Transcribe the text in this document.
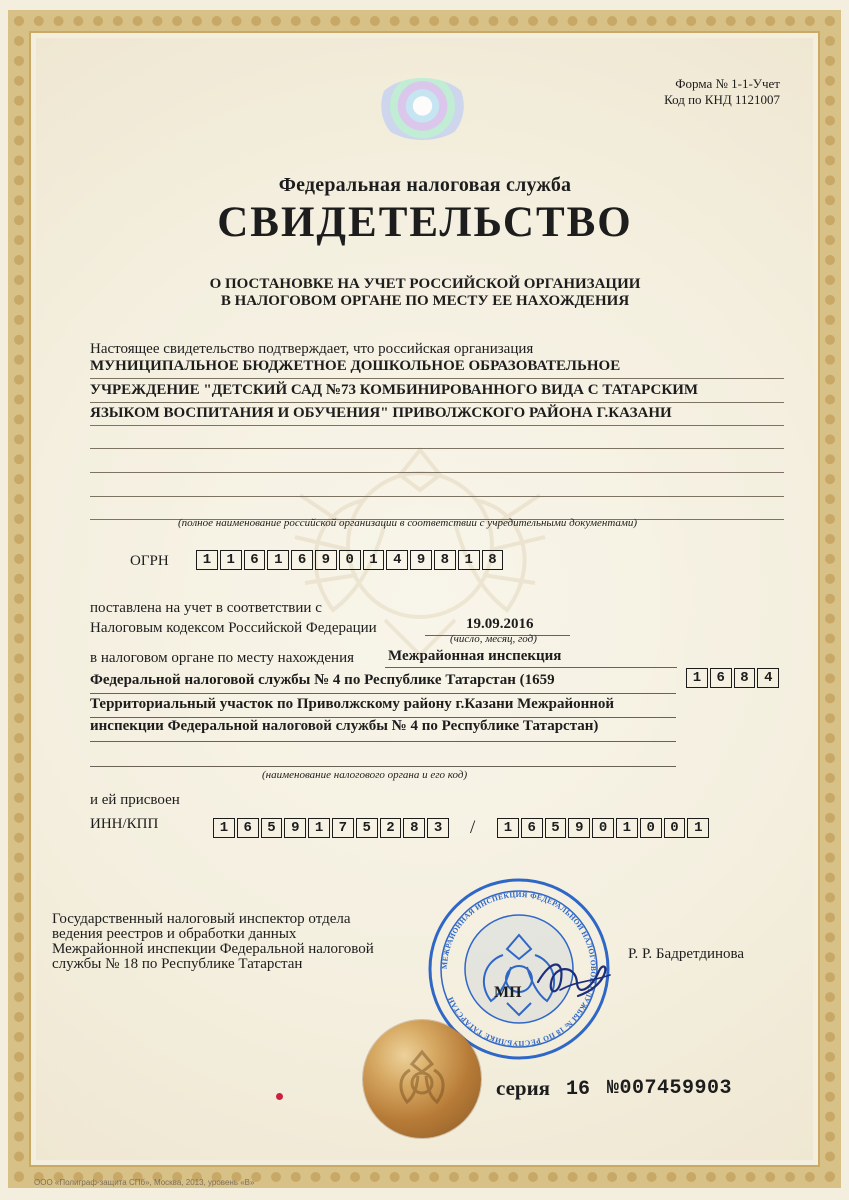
Форма № 1-1-Учет
Код по КНД 1121007
Федеральная налоговая служба
СВИДЕТЕЛЬСТВО
О ПОСТАНОВКЕ НА УЧЕТ РОССИЙСКОЙ ОРГАНИЗАЦИИ
В НАЛОГОВОМ ОРГАНЕ ПО МЕСТУ ЕЕ НАХОЖДЕНИЯ
Настоящее свидетельство подтверждает, что российская организация
МУНИЦИПАЛЬНОЕ БЮДЖЕТНОЕ ДОШКОЛЬНОЕ ОБРАЗОВАТЕЛЬНОЕ
УЧРЕЖДЕНИЕ "ДЕТСКИЙ САД №73 КОМБИНИРОВАННОГО ВИДА С ТАТАРСКИМ
ЯЗЫКОМ ВОСПИТАНИЯ И ОБУЧЕНИЯ" ПРИВОЛЖСКОГО РАЙОНА Г.КАЗАНИ
(полное наименование российской организации в соответствии с учредительными документами)
ОГРН	1	1	6	1	6	9	0	1	4	9	8	1	8
поставлена на учет в соответствии с
Налоговым кодексом Российской Федерации	19.09.2016
(число, месяц, год)
в налоговом органе по месту нахождения Межрайонная инспекция
Федеральной налоговой службы № 4 по Республике Татарстан (1659
Территориальный участок по Приволжскому району г.Казани Межрайонной
инспекции Федеральной налоговой службы № 4 по Республике Татарстан)
1	6	8	4
(наименование налогового органа и его код)
и ей присвоен
ИНН/КПП	1	6	5	9	1	7	5	2	8	3	/	1	6	5	9	0	1	0	0	1
Государственный налоговый инспектор отдела
ведения реестров и обработки данных
Межрайонной инспекции Федеральной налоговой
службы № 18 по Республике Татарстан
Р. Р. Бадретдинова
МЕЖРАЙОННАЯ ИНСПЕКЦИЯ ФЕДЕРАЛЬНОЙ НАЛОГОВОЙ СЛУЖБЫ № 18 ПО РЕСПУБЛИКЕ ТАТАРСТАН	МП
серия 16 №007459903
ООО «Полиграф-защита СПб», Москва, 2013, уровень «В»
